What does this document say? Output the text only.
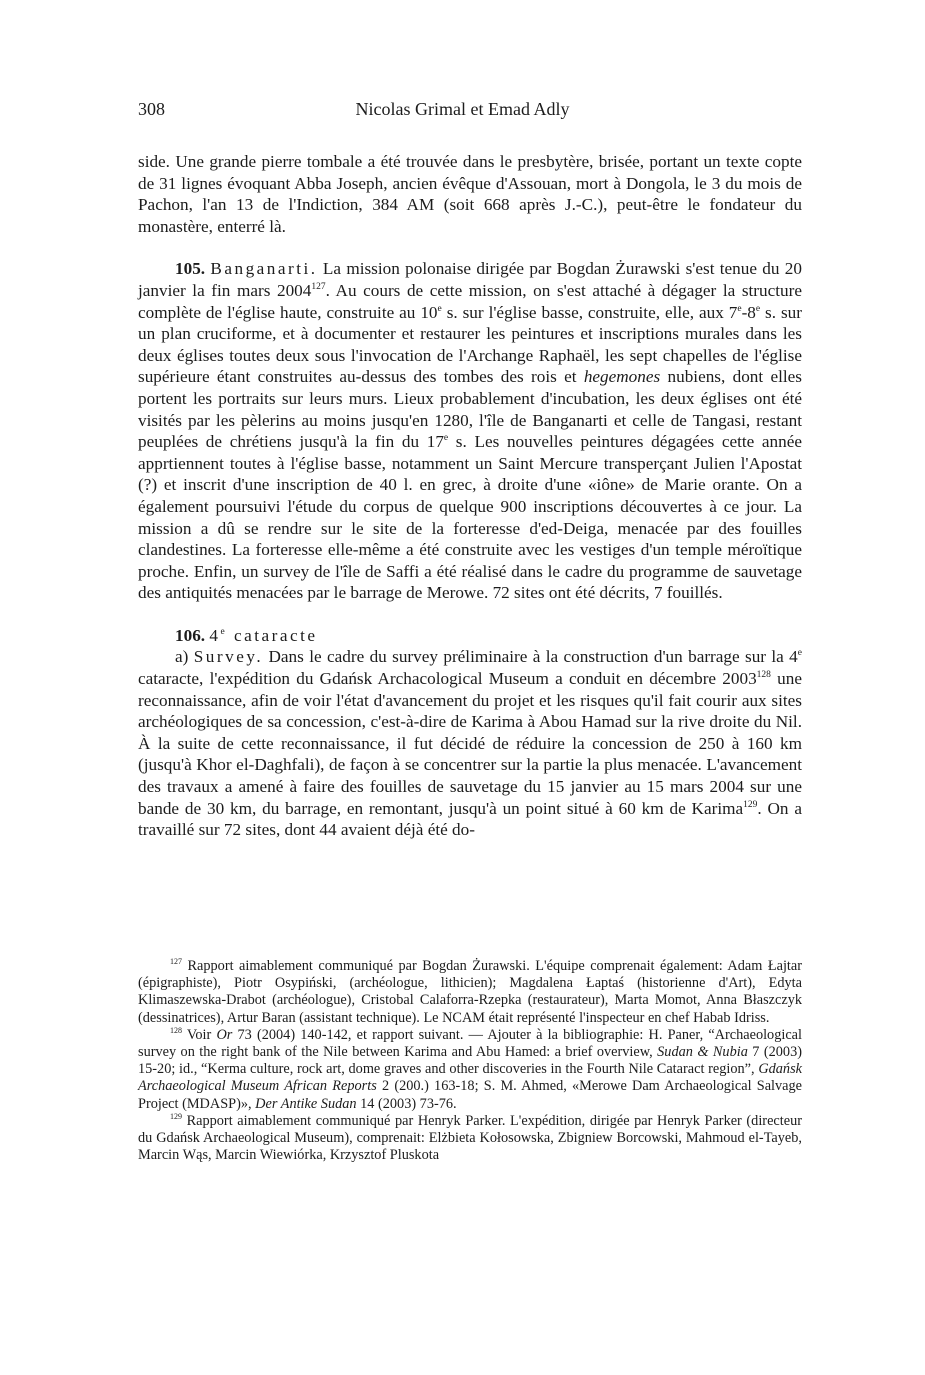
308	Nicolas Grimal et Emad Adly

side. Une grande pierre tombale a été trouvée dans le presbytère, brisée, portant un texte copte de 31 lignes évoquant Abba Joseph, ancien évêque d'Assouan, mort à Dongola, le 3 du mois de Pachon, l'an 13 de l'Indiction, 384 AM (soit 668 après J.-C.), peut-être le fondateur du monastère, enterré là.

105. Banganarti. La mission polonaise dirigée par Bogdan Żurawski s'est tenue du 20 janvier la fin mars 2004$^{127}$. Au cours de cette mission, on s'est attaché à dégager la structure complète de l'église haute, construite au 10e s. sur l'église basse, construite, elle, aux 7e-8e s. sur un plan cruciforme, et à documenter et restaurer les peintures et inscriptions murales dans les deux églises toutes deux sous l'invocation de l'Archange Raphaël, les sept chapelles de l'église supérieure étant construites au-dessus des tombes des rois et hegemones nubiens, dont elles portent les portraits sur leurs murs. Lieux probablement d'incubation, les deux églises ont été visités par les pèlerins au moins jusqu'en 1280, l'île de Banganarti et celle de Tangasi, restant peuplées de chrétiens jusqu'à la fin du 17e s. Les nouvelles peintures dégagées cette année apprtiennent toutes à l'église basse, notamment un Saint Mercure transperçant Julien l'Apostat (?) et inscrit d'une inscription de 40 l. en grec, à droite d'une «iône» de Marie orante. On a également poursuivi l'étude du corpus de quelque 900 inscriptions découvertes à ce jour. La mission a dû se rendre sur le site de la forteresse d'ed-Deiga, menacée par des fouilles clandestines. La forteresse elle-même a été construite avec les vestiges d'un temple méroïtique proche. Enfin, un survey de l'île de Saffi a été réalisé dans le cadre du programme de sauvetage des antiquités menacées par le barrage de Merowe. 72 sites ont été décrits, 7 fouillés.

106. 4e cataracte

a) Survey. Dans le cadre du survey préliminaire à la construction d'un barrage sur la 4e cataracte, l'expédition du Gdańsk Archacological Museum a conduit en décembre 2003$^{128}$ une reconnaissance, afin de voir l'état d'avancement du projet et les risques qu'il fait courir aux sites archéologiques de sa concession, c'est-à-dire de Karima à Abou Hamad sur la rive droite du Nil. À la suite de cette reconnaissance, il fut décidé de réduire la concession de 250 à 160 km (jusqu'à Khor el-Daghfali), de façon à se concentrer sur la partie la plus menacée. L'avancement des travaux a amené à faire des fouilles de sauvetage du 15 janvier au 15 mars 2004 sur une bande de 30 km, du barrage, en remontant, jusqu'à un point situé à 60 km de Karima$^{129}$. On a travaillé sur 72 sites, dont 44 avaient déjà été do-

$^{127}$ Rapport aimablement communiqué par Bogdan Żurawski. L'équipe comprenait également: Adam Łajtar (épigraphiste), Piotr Osypiński, (archéologue, lithicien); Magdalena Łaptaś (historienne d'Art), Edyta Klimaszewska-Drabot (archéologue), Cristobal Calaforra-Rzepka (restaurateur), Marta Momot, Anna Błaszczyk (dessinatrices), Artur Baran (assistant technique). Le NCAM était représenté l'inspecteur en chef Habab Idriss.

$^{128}$ Voir Or 73 (2004) 140-142, et rapport suivant. — Ajouter à la bibliographie: H. Paner, “Archaeological survey on the right bank of the Nile between Karima and Abu Hamed: a brief overview, Sudan & Nubia 7 (2003) 15-20; id., “Kerma culture, rock art, dome graves and other discoveries in the Fourth Nile Cataract region”, Gdańsk Archaeological Museum African Reports 2 (200.) 163-18; S. M. Ahmed, «Merowe Dam Archaeological Salvage Project (MDASP)», Der Antike Sudan 14 (2003) 73-76.

$^{129}$ Rapport aimablement communiqué par Henryk Parker. L'expédition, dirigée par Henryk Parker (directeur du Gdańsk Archaeological Museum), comprenait: Elżbieta Kołosowska, Zbigniew Borcowski, Mahmoud el-Tayeb, Marcin Wąs, Marcin Wiewiórka, Krzysztof Pluskota
